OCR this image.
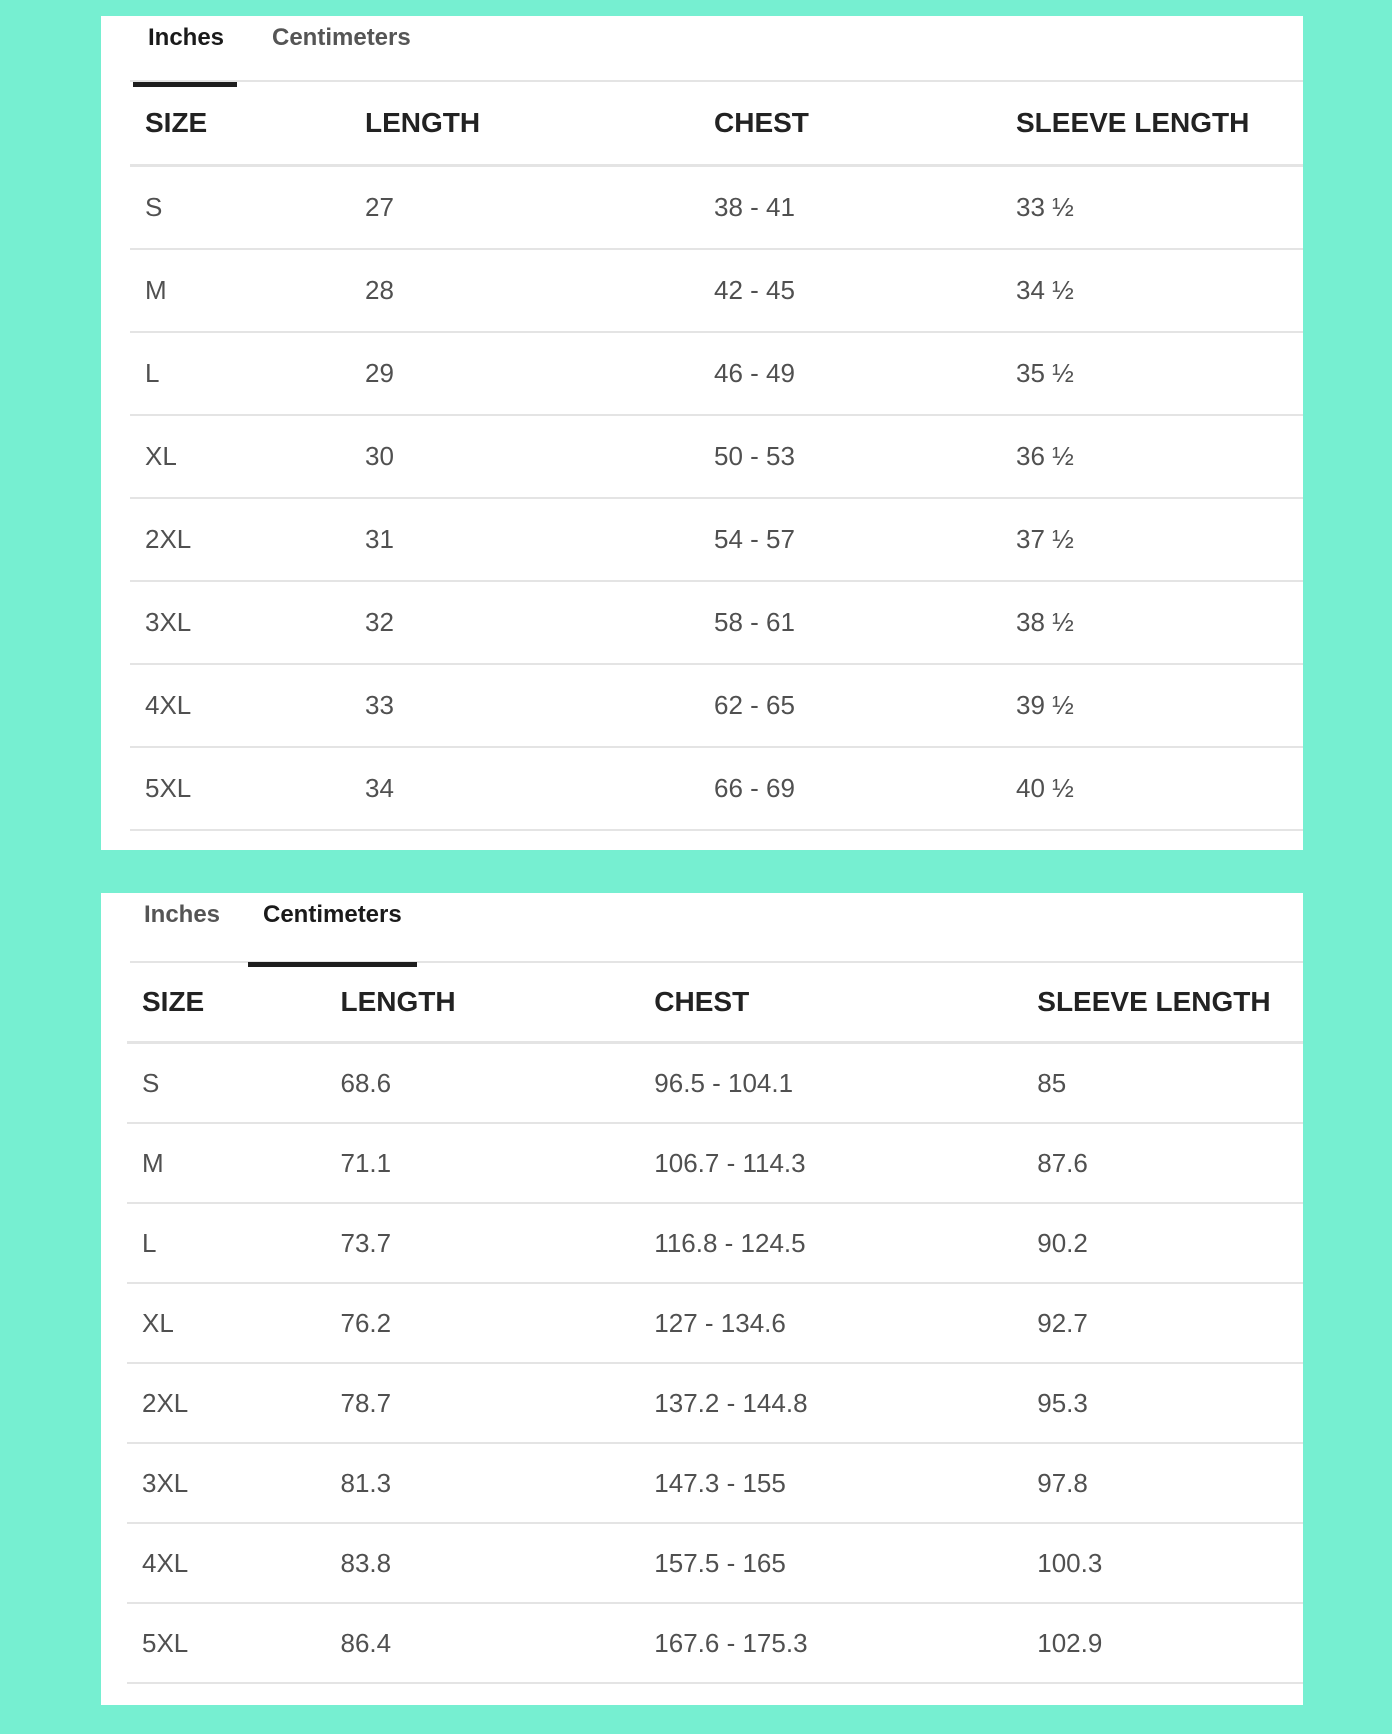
Inches Centimeters
SIZE	LENGTH	CHEST	SLEEVE LENGTH
S	27	38 - 41	33 ½
M	28	42 - 45	34 ½
L	29	46 - 49	35 ½
XL	30	50 - 53	36 ½
2XL	31	54 - 57	37 ½
3XL	32	58 - 61	38 ½
4XL	33	62 - 65	39 ½
5XL	34	66 - 69	40 ½
Inches Centimeters
SIZE	LENGTH	CHEST	SLEEVE LENGTH
S	68.6	96.5 - 104.1	85
M	71.1	106.7 - 114.3	87.6
L	73.7	116.8 - 124.5	90.2
XL	76.2	127 - 134.6	92.7
2XL	78.7	137.2 - 144.8	95.3
3XL	81.3	147.3 - 155	97.8
4XL	83.8	157.5 - 165	100.3
5XL	86.4	167.6 - 175.3	102.9
